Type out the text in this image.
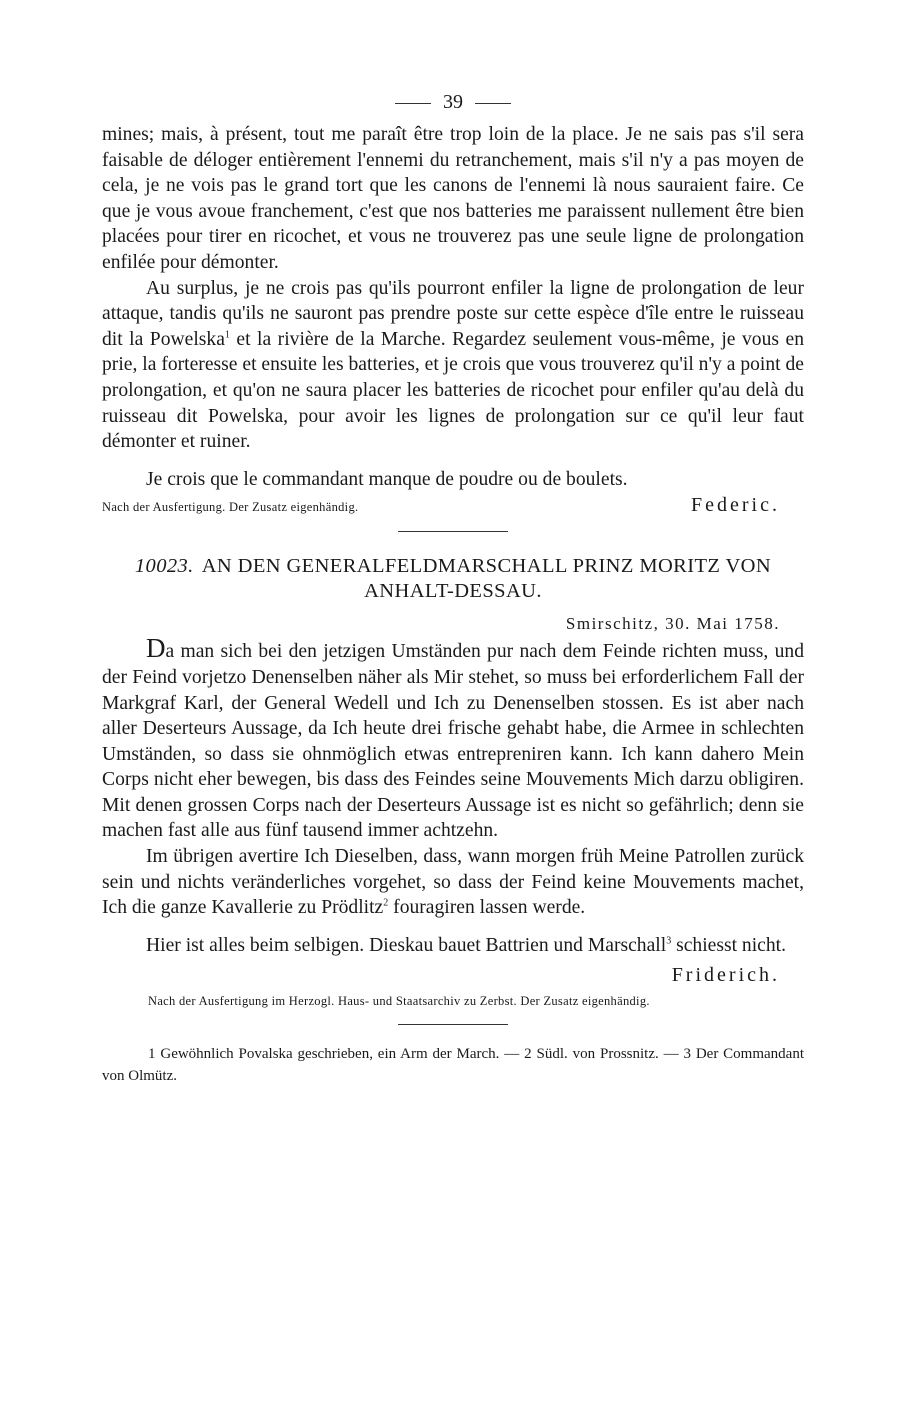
39

mines; mais, à présent, tout me paraît être trop loin de la place. Je ne sais pas s'il sera faisable de déloger entièrement l'ennemi du retranchement, mais s'il n'y a pas moyen de cela, je ne vois pas le grand tort que les canons de l'ennemi là nous sauraient faire. Ce que je vous avoue franchement, c'est que nos batteries me paraissent nullement être bien placées pour tirer en ricochet, et vous ne trouverez pas une seule ligne de prolongation enfilée pour démonter.

Au surplus, je ne crois pas qu'ils pourront enfiler la ligne de prolongation de leur attaque, tandis qu'ils ne sauront pas prendre poste sur cette espèce d'île entre le ruisseau dit la Powelska$^1$ et la rivière de la Marche. Regardez seulement vous-même, je vous en prie, la forteresse et ensuite les batteries, et je crois que vous trouverez qu'il n'y a point de prolongation, et qu'on ne saura placer les batteries de ricochet pour enfiler qu'au delà du ruisseau dit Powelska, pour avoir les lignes de prolongation sur ce qu'il leur faut démonter et ruiner.

Je crois que le commandant manque de poudre ou de boulets.

Nach der Ausfertigung. Der Zusatz eigenhändig.	Federic.
10023. AN DEN GENERALFELDMARSCHALL PRINZ MORITZ VON ANHALT-DESSAU.
Smirschitz, 30. Mai 1758.

Da man sich bei den jetzigen Umständen pur nach dem Feinde richten muss, und der Feind vorjetzo Denenselben näher als Mir stehet, so muss bei erforderlichem Fall der Markgraf Karl, der General Wedell und Ich zu Denenselben stossen. Es ist aber nach aller Deserteurs Aussage, da Ich heute drei frische gehabt habe, die Armee in schlechten Umständen, so dass sie ohnmöglich etwas entrepreniren kann. Ich kann dahero Mein Corps nicht eher bewegen, bis dass des Feindes seine Mouvements Mich darzu obligiren. Mit denen grossen Corps nach der Deserteurs Aussage ist es nicht so gefährlich; denn sie machen fast alle aus fünf tausend immer achtzehn.

Im übrigen avertire Ich Dieselben, dass, wann morgen früh Meine Patrollen zurück sein und nichts veränderliches vorgehet, so dass der Feind keine Mouvements machet, Ich die ganze Kavallerie zu Prödlitz$^2$ fouragiren lassen werde.

Hier ist alles beim selbigen. Dieskau bauet Battrien und Marschall$^3$ schiesst nicht.

Friderich.

Nach der Ausfertigung im Herzogl. Haus- und Staatsarchiv zu Zerbst. Der Zusatz eigenhändig.

1 Gewöhnlich Povalska geschrieben, ein Arm der March. — 2 Südl. von Prossnitz. — 3 Der Commandant von Olmütz.
